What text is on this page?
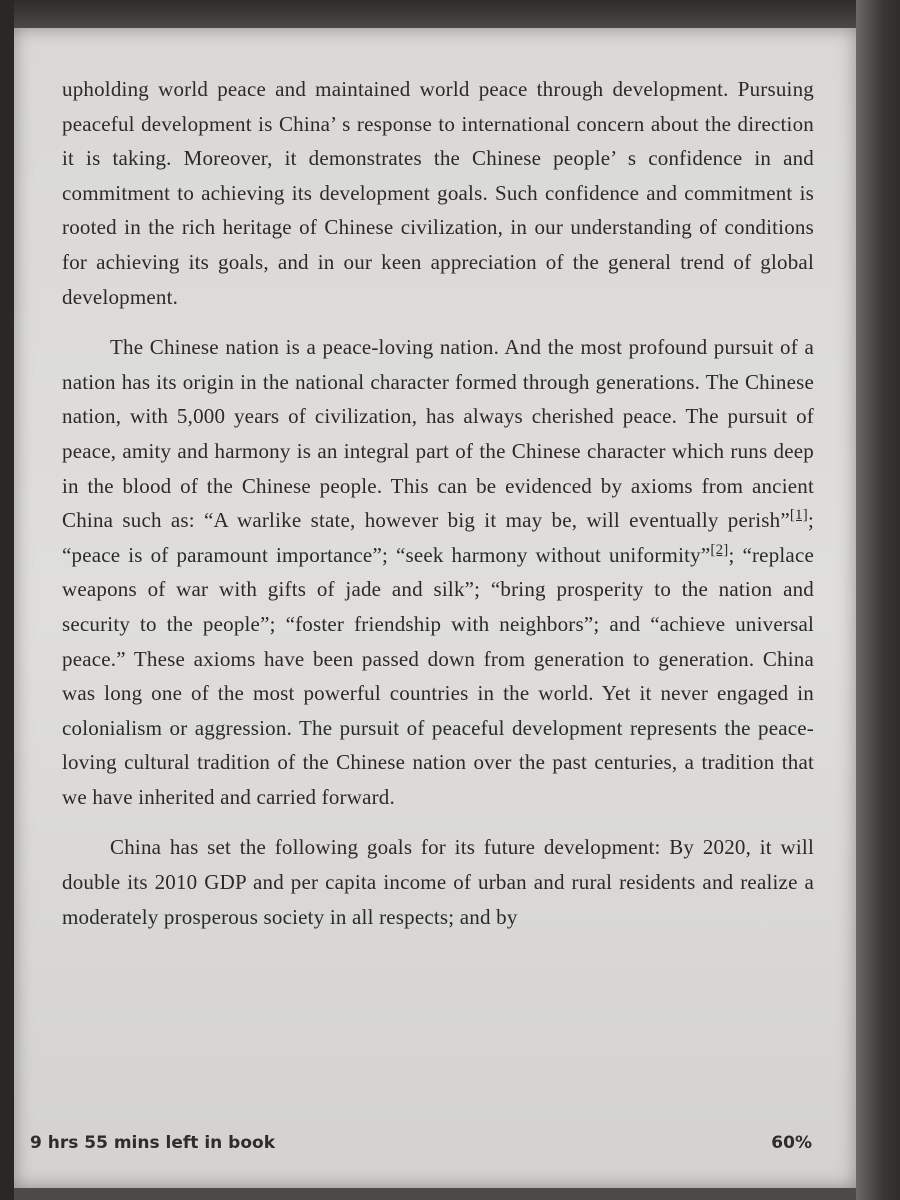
upholding world peace and maintained world peace through development. Pursuing peaceful development is China’ s response to international concern about the direction it is taking. Moreover, it demonstrates the Chinese people’ s confidence in and commitment to achieving its development goals. Such confidence and commitment is rooted in the rich heritage of Chinese civilization, in our understanding of conditions for achieving its goals, and in our keen appreciation of the general trend of global development.

The Chinese nation is a peace-loving nation. And the most profound pursuit of a nation has its origin in the national character formed through generations. The Chinese nation, with 5,000 years of civilization, has always cherished peace. The pursuit of peace, amity and harmony is an integral part of the Chinese character which runs deep in the blood of the Chinese people. This can be evidenced by axioms from ancient China such as: “A warlike state, however big it may be, will eventually perish”[1]; “peace is of paramount importance”; “seek harmony without uniformity”[2]; “replace weapons of war with gifts of jade and silk”; “bring prosperity to the nation and security to the people”; “foster friendship with neighbors”; and “achieve universal peace.” These axioms have been passed down from generation to generation. China was long one of the most powerful countries in the world. Yet it never engaged in colonialism or aggression. The pursuit of peaceful development represents the peace-loving cultural tradition of the Chinese nation over the past centuries, a tradition that we have inherited and carried forward.

China has set the following goals for its future development: By 2020, it will double its 2010 GDP and per capita income of urban and rural residents and realize a moderately prosperous society in all respects; and by

9 hrs 55 mins left in book	60%
